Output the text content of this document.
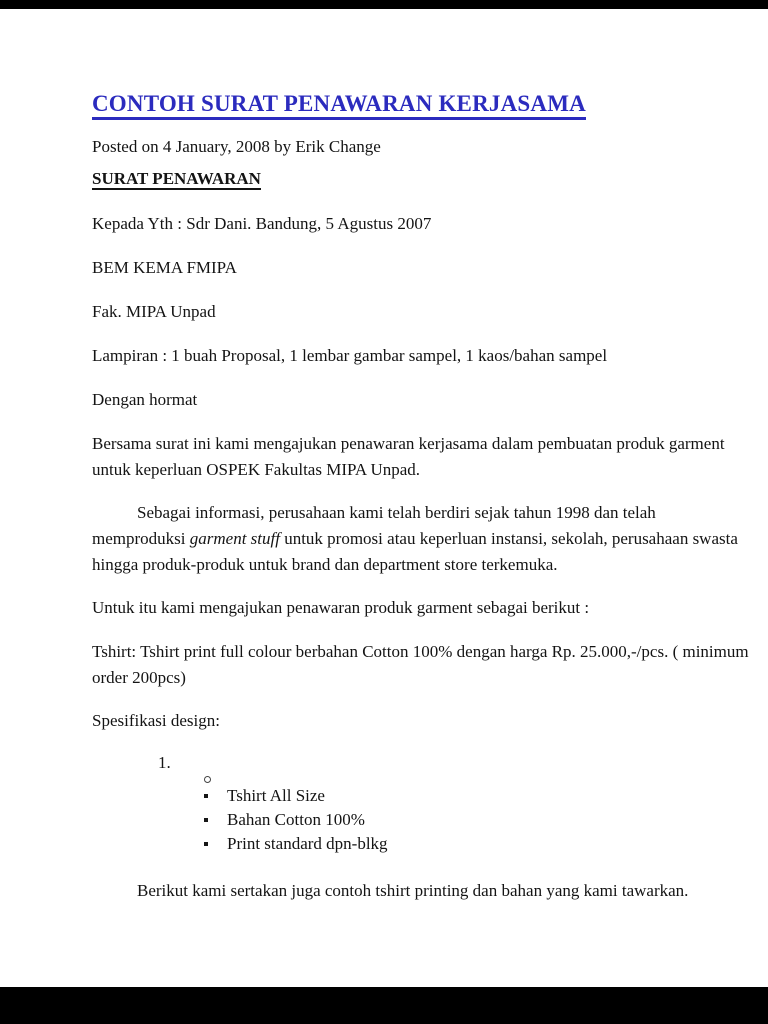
CONTOH SURAT PENAWARAN KERJASAMA

Posted on 4 January, 2008 by Erik Change

SURAT PENAWARAN

Kepada Yth : Sdr Dani. Bandung, 5 Agustus 2007

BEM KEMA FMIPA

Fak. MIPA Unpad

Lampiran : 1 buah Proposal, 1 lembar gambar sampel, 1 kaos/bahan sampel

Dengan hormat

Bersama surat ini kami mengajukan penawaran kerjasama dalam pembuatan produk garment
untuk keperluan OSPEK Fakultas MIPA Unpad.
Sebagai informasi, perusahaan kami telah berdiri sejak tahun 1998 dan telah
memproduksi garment stuff untuk promosi atau keperluan instansi, sekolah, perusahaan swasta
hingga produk-produk untuk brand dan department store terkemuka.

Untuk itu kami mengajukan penawaran produk garment sebagai berikut :

Tshirt: Tshirt print full colour berbahan Cotton 100% dengan harga Rp. 25.000,-/pcs. ( minimum
order 200pcs)

Spesifikasi design:

1.
Tshirt All Size
Bahan Cotton 100%
Print standard dpn-blkg

Berikut kami sertakan juga contoh tshirt printing dan bahan yang kami tawarkan.
